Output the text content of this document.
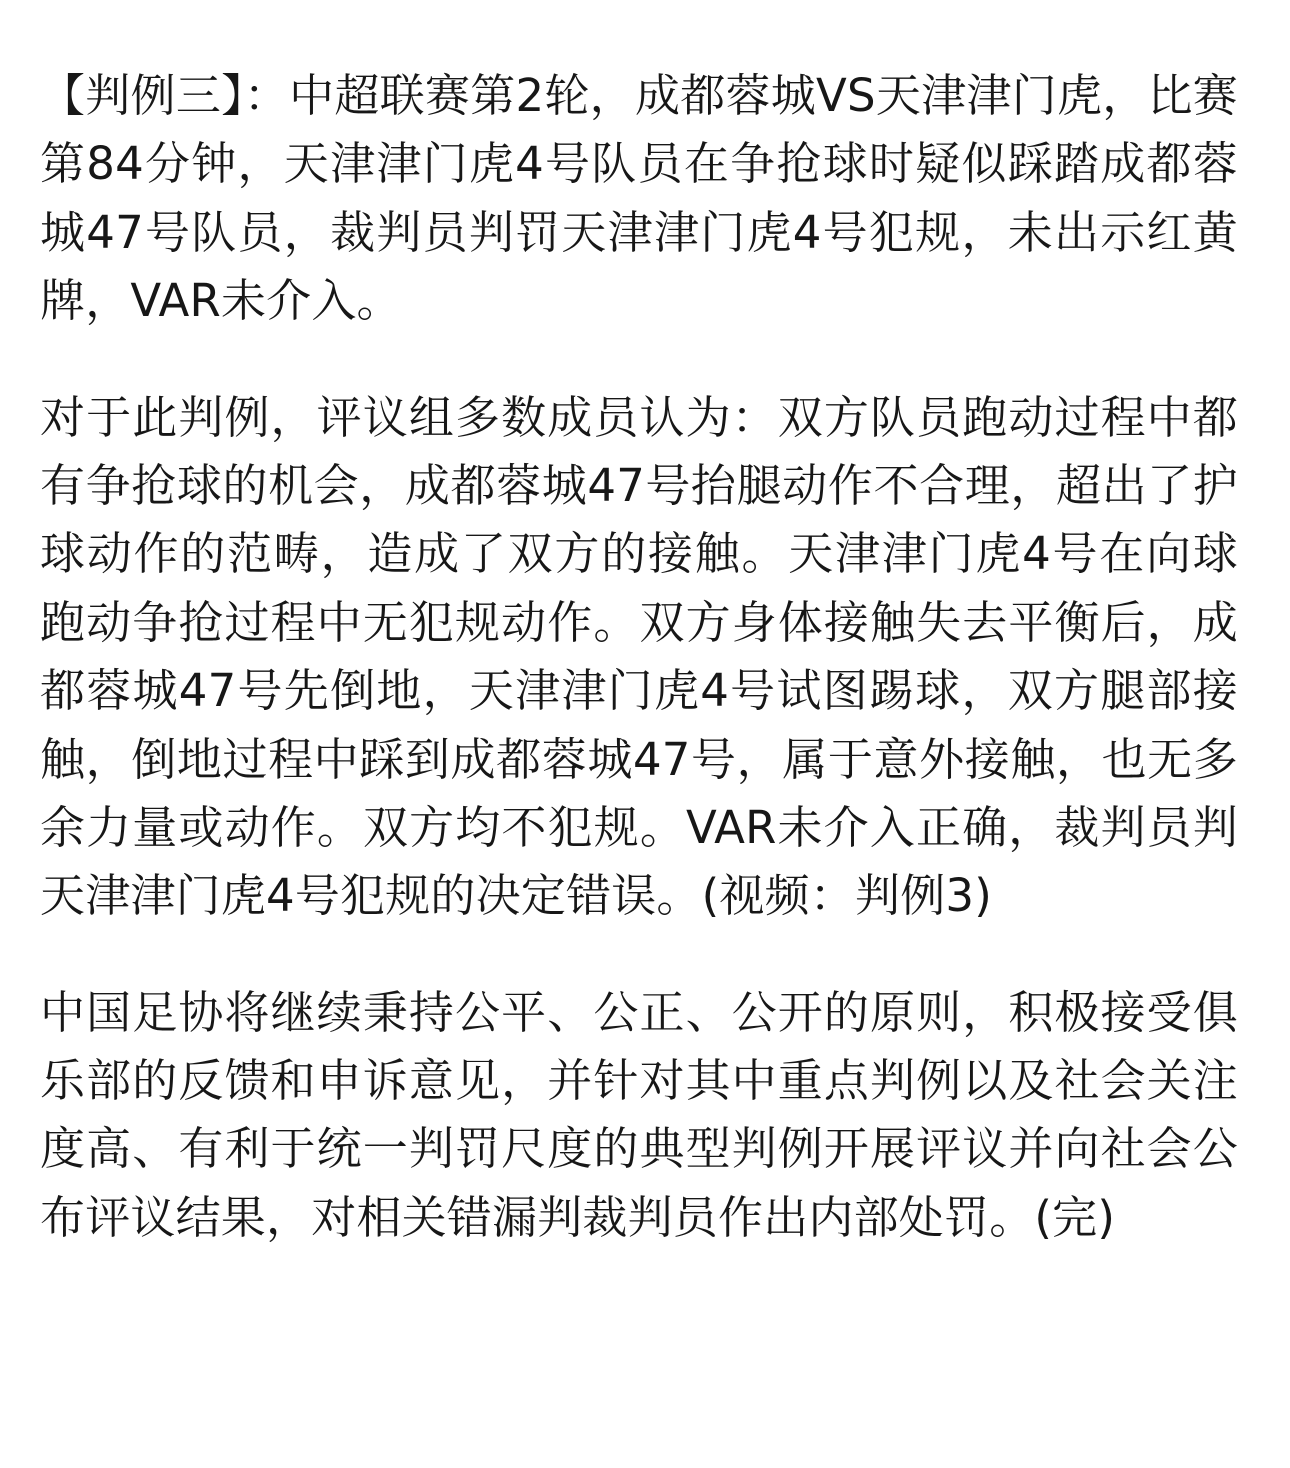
【判例三】：中超联赛第2轮，成都蓉城VS天津津门虎，比赛第84分钟，天津津门虎4号队员在争抢球时疑似踩踏成都蓉城47号队员，裁判员判罚天津津门虎4号犯规，未出示红黄牌，VAR未介入。

对于此判例，评议组多数成员认为：双方队员跑动过程中都有争抢球的机会，成都蓉城47号抬腿动作不合理，超出了护球动作的范畴，造成了双方的接触。天津津门虎4号在向球跑动争抢过程中无犯规动作。双方身体接触失去平衡后，成都蓉城47号先倒地，天津津门虎4号试图踢球，双方腿部接触，倒地过程中踩到成都蓉城47号，属于意外接触，也无多余力量或动作。双方均不犯规。VAR未介入正确，裁判员判天津津门虎4号犯规的决定错误。(视频：判例3)

中国足协将继续秉持公平、公正、公开的原则，积极接受俱乐部的反馈和申诉意见，并针对其中重点判例以及社会关注度高、有利于统一判罚尺度的典型判例开展评议并向社会公布评议结果，对相关错漏判裁判员作出内部处罚。(完)
